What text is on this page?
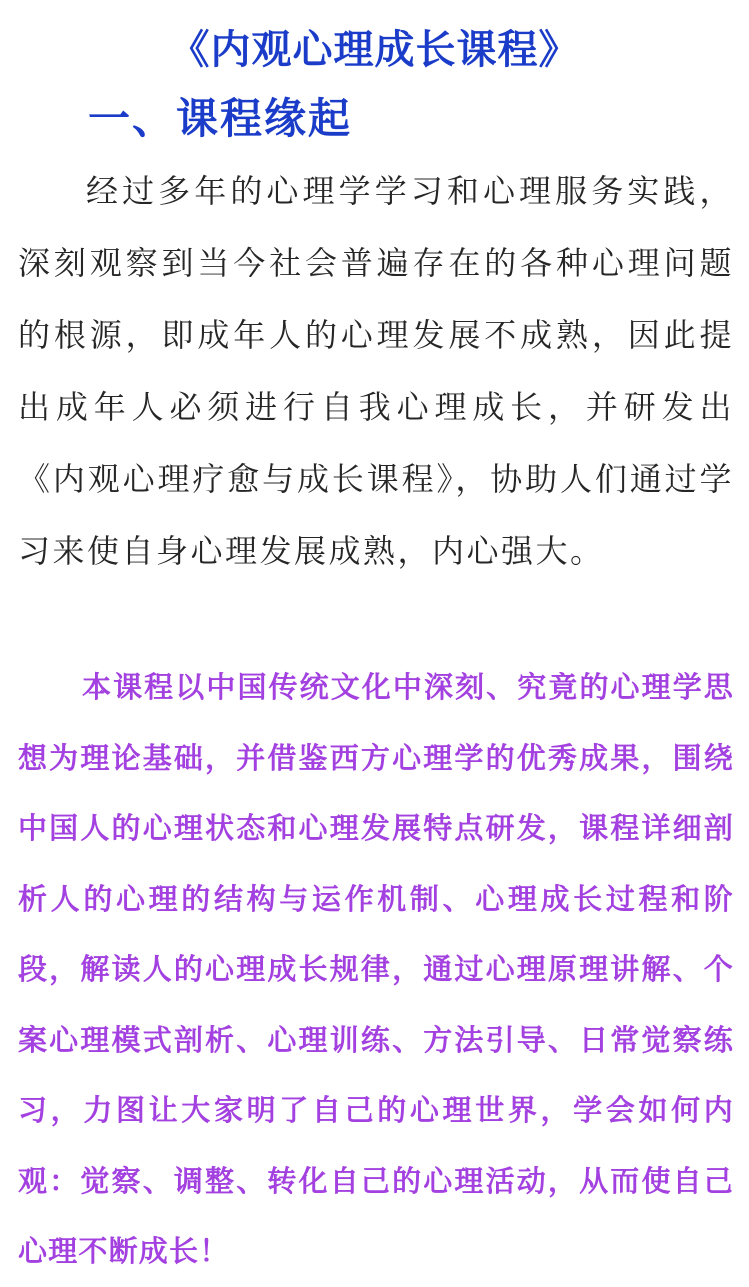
《内观心理成长课程》
一、课程缘起

经过多年的心理学学习和心理服务实践，深刻观察到当今社会普遍存在的各种心理问题的根源，即成年人的心理发展不成熟，因此提出成年人必须进行自我心理成长，并研发出《内观心理疗愈与成长课程》，协助人们通过学习来使自身心理发展成熟，内心强大。

本课程以中国传统文化中深刻、究竟的心理学思想为理论基础，并借鉴西方心理学的优秀成果，围绕中国人的心理状态和心理发展特点研发，课程详细剖析人的心理的结构与运作机制、心理成长过程和阶段，解读人的心理成长规律，通过心理原理讲解、个案心理模式剖析、心理训练、方法引导、日常觉察练习，力图让大家明了自己的心理世界，学会如何内观：觉察、调整、转化自己的心理活动，从而使自己心理不断成长！
